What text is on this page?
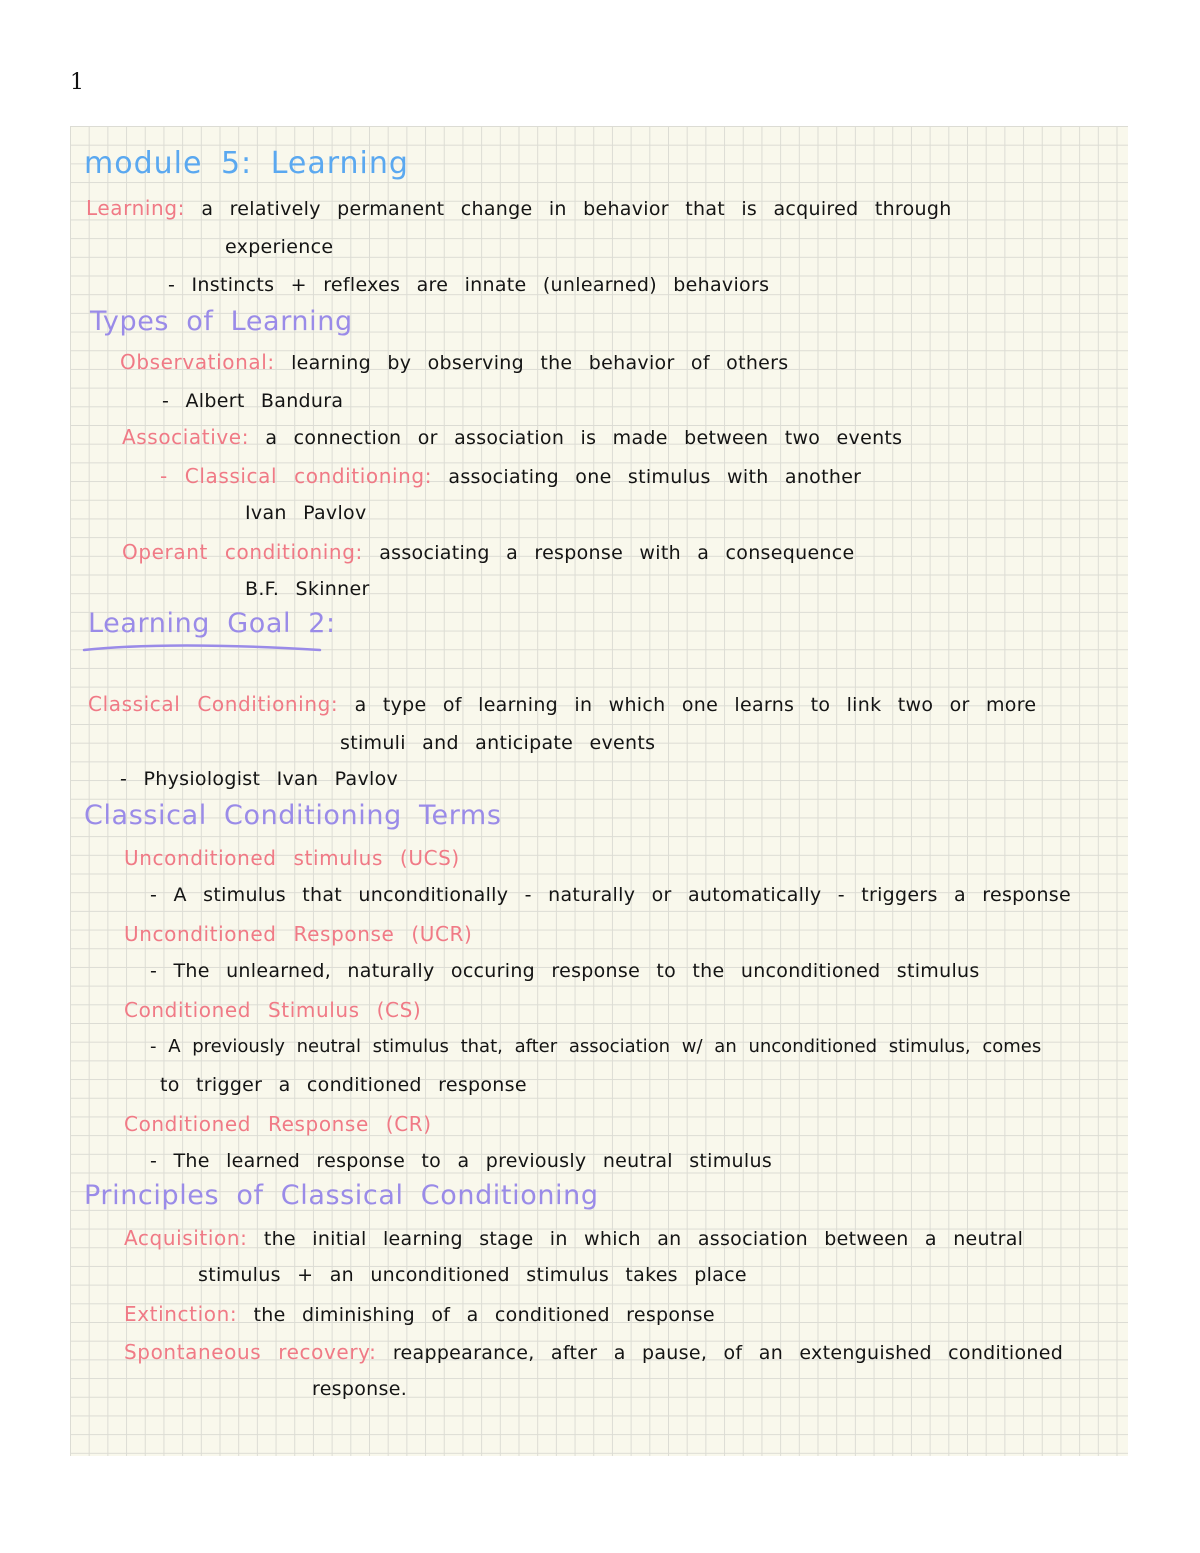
1
module 5: Learning
Learning: a relatively permanent change in behavior that is acquired through
experience
- Instincts + reflexes are innate (unlearned) behaviors
Types of Learning
Observational: learning by observing the behavior of others
- Albert Bandura
Associative: a connection or association is made between two events
- Classical conditioning: associating one stimulus with another
Ivan Pavlov
Operant conditioning: associating a response with a consequence
B.F. Skinner
Learning Goal 2:
Classical Conditioning: a type of learning in which one learns to link two or more
stimuli and anticipate events
- Physiologist Ivan Pavlov
Classical Conditioning Terms
Unconditioned stimulus (UCS)
- A stimulus that unconditionally - naturally or automatically - triggers a response
Unconditioned Response (UCR)
- The unlearned, naturally occuring response to the unconditioned stimulus
Conditioned Stimulus (CS)
- A previously neutral stimulus that, after association w/ an unconditioned stimulus, comes
to trigger a conditioned response
Conditioned Response (CR)
- The learned response to a previously neutral stimulus
Principles of Classical Conditioning
Acquisition: the initial learning stage in which an association between a neutral
stimulus + an unconditioned stimulus takes place
Extinction: the diminishing of a conditioned response
Spontaneous recovery: reappearance, after a pause, of an extenguished conditioned
response.
